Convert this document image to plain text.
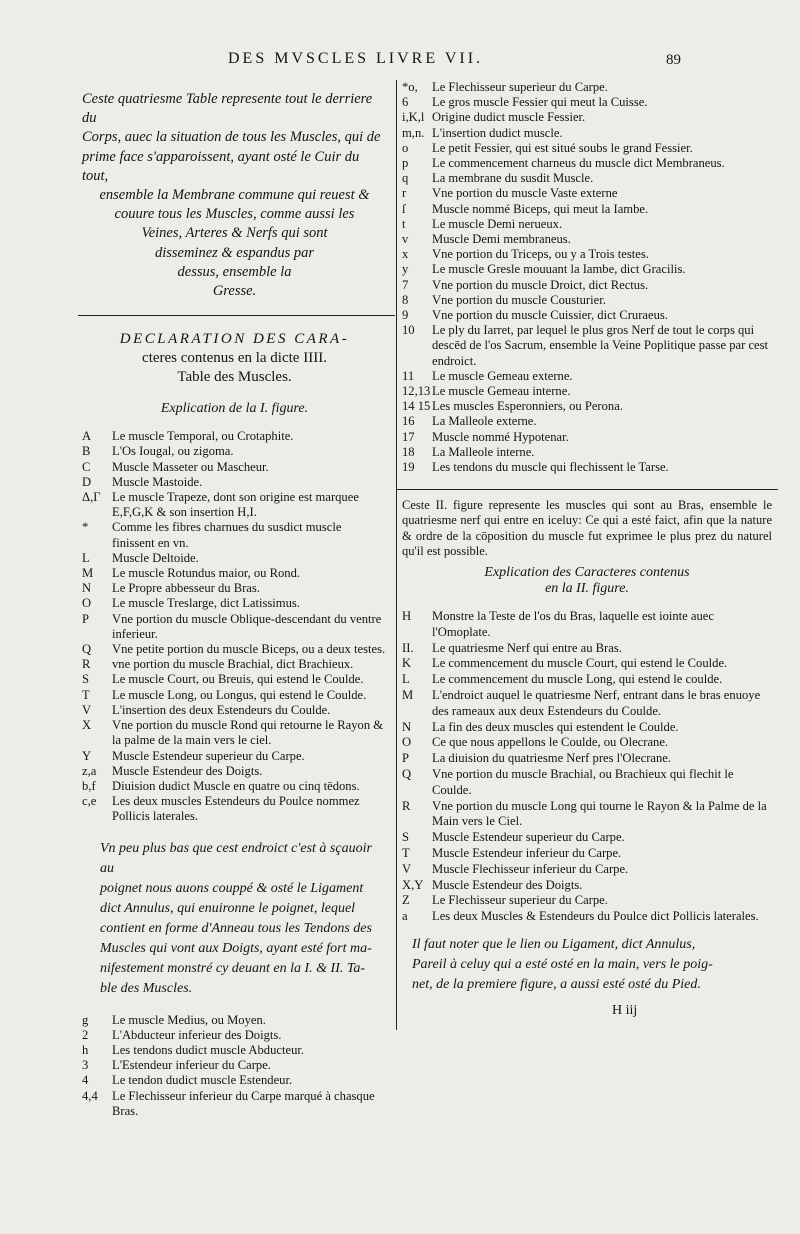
DES MVSCLES LIVRE VII.	89
Ceste quatriesme Table represente tout le derriere du
Corps, auec la situation de tous les Muscles, qui de
prime face s'apparoissent, ayant osté le Cuir du tout,
ensemble la Membrane commune qui reuest &
couure tous les Muscles, comme aussi les
Veines, Arteres & Nerfs qui sont
disseminez & espandus par
dessus, ensemble la
Gresse.
DECLARATION DES CARA-
cteres contenus en la dicte IIII.
Table des Muscles.
Explication de la I. figure.
A	Le muscle Temporal, ou Crotaphite.
B	L'Os Iougal, ou zigoma.
C	Muscle Masseter ou Mascheur.
D	Muscle Mastoide.
Δ,Γ Le muscle Trapeze, dont son origine est marquee E,F,G,K & son insertion H,I.
*	Comme les fibres charnues du susdict muscle finissent en vn.
L	Muscle Deltoide.
M	Le muscle Rotundus maior, ou Rond.
N	Le Propre abbesseur du Bras.
O	Le muscle Treslarge, dict Latissimus.
P	Vne portion du muscle Oblique-descendant du ventre inferieur.
Q	Vne petite portion du muscle Biceps, ou a deux testes.
R	vne portion du muscle Brachial, dict Brachieux.
S	Le muscle Court, ou Breuis, qui estend le Coulde.
T	Le muscle Long, ou Longus, qui estend le Coulde.
V	L'insertion des deux Estendeurs du Coulde.
X	Vne portion du muscle Rond qui retourne le Rayon & la palme de la main vers le ciel.
Y	Muscle Estendeur superieur du Carpe.
z,a	Muscle Estendeur des Doigts.
b,f	Diuision dudict Muscle en quatre ou cinq tēdons.
c,e	Les deux muscles Estendeurs du Poulce nommez Pollicis laterales.
Vn peu plus bas que cest endroict c'est à sçauoir au
poignet nous auons couppé & osté le Ligament
dict Annulus, qui enuironne le poignet, lequel
contient en forme d'Anneau tous les Tendons des
Muscles qui vont aux Doigts, ayant esté fort ma-
nifestement monstré cy deuant en la I. & II. Ta-
ble des Muscles.
g	Le muscle Medius, ou Moyen.
2	L'Abducteur inferieur des Doigts.
h	Les tendons dudict muscle Abducteur.
3	L'Estendeur inferieur du Carpe.
4	Le tendon dudict muscle Estendeur.
4,4	Le Flechisseur inferieur du Carpe marqué à chasque Bras.
*o,	Le Flechisseur superieur du Carpe.
6	Le gros muscle Fessier qui meut la Cuisse.
i,K,l Origine dudict muscle Fessier.
m,n. L'insertion dudict muscle.
o	Le petit Fessier, qui est situé soubs le grand Fessier.
p	Le commencement charneus du muscle dict Membraneus.
q	La membrane du susdit Muscle.
r	Vne portion du muscle Vaste externe
ſ	Muscle nommé Biceps, qui meut la Iambe.
t	Le muscle Demi nerueux.
v	Muscle Demi membraneus.
x	Vne portion du Triceps, ou y a Trois testes.
y	Le muscle Gresle mouuant la Iambe, dict Gracilis.
7	Vne portion du muscle Droict, dict Rectus.
8	Vne portion du muscle Cousturier.
9	Vne portion du muscle Cuissier, dict Cruraeus.
10	Le ply du Iarret, par lequel le plus gros Nerf de tout le corps qui descēd de l'os Sacrum, ensemble la Veine Poplitique passe par cest endroict.
11	Le muscle Gemeau externe.
12,13 Le muscle Gemeau interne.
14 15 Les muscles Esperonniers, ou Perona.
16	La Malleole externe.
17	Muscle nommé Hypotenar.
18	La Malleole interne.
19	Les tendons du muscle qui flechissent le Tarse.

Ceste II. figure represente les muscles qui sont au Bras, ensemble le quatriesme nerf qui entre en iceluy: Ce qui a esté faict, afin que la nature & ordre de la cōposition du muscle fut exprimee le plus prez du naturel qu'il est possible.

Explication des Caracteres contenus
en la II. figure.
H	Monstre la Teste de l'os du Bras, laquelle est iointe auec l'Omoplate.
II.	Le quatriesme Nerf qui entre au Bras.
K	Le commencement du muscle Court, qui estend le Coulde.
L	Le commencement du muscle Long, qui estend le coulde.
M	L'endroict auquel le quatriesme Nerf, entrant dans le bras enuoye des rameaux aux deux Estendeurs du Coulde.
N	La fin des deux muscles qui estendent le Coulde.
O	Ce que nous appellons le Coulde, ou Olecrane.
P	La diuision du quatriesme Nerf pres l'Olecrane.
Q	Vne portion du muscle Brachial, ou Brachieux qui flechit le Coulde.
R	Vne portion du muscle Long qui tourne le Rayon & la Palme de la Main vers le Ciel.
S	Muscle Estendeur superieur du Carpe.
T	Muscle Estendeur inferieur du Carpe.
V	Muscle Flechisseur inferieur du Carpe.
X,Y Muscle Estendeur des Doigts.
Z	Le Flechisseur superieur du Carpe.
a	Les deux Muscles & Estendeurs du Poulce dict Pollicis laterales.
Il faut noter que le lien ou Ligament, dict Annulus,
Pareil à celuy qui a esté osté en la main, vers le poig-
net, de la premiere figure, a aussi esté osté du Pied.
H iij
